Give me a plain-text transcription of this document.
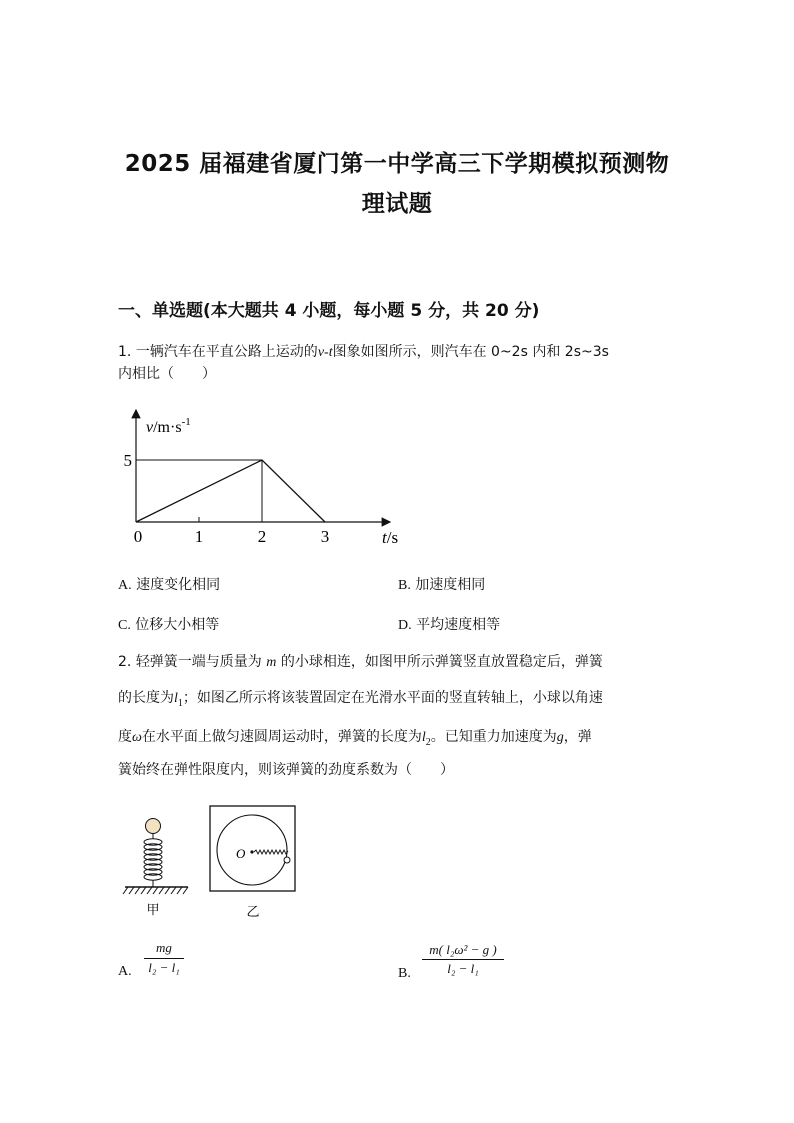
2025 届福建省厦门第一中学高三下学期模拟预测物
理试题
一、单选题(本大题共 4 小题，每小题 5 分，共 20 分)
1. 一辆汽车在平直公路上运动的v-t图象如图所示，则汽车在 0~2s 内和 2s~3s
内相比（　　）
0	1	2	3
5
t/s
$v/m\cdot s^{-1}$
A. 速度变化相同	B. 加速度相同
C. 位移大小相等	D. 平均速度相等
2. 轻弹簧一端与质量为 m 的小球相连，如图甲所示弹簧竖直放置稳定后，弹簧
的长度为$l_1$；如图乙所示将该装置固定在光滑水平面的竖直转轴上，小球以角速
度ω在水平面上做匀速圆周运动时，弹簧的长度为$l_2$。已知重力加速度为g，弹
簧始终在弹性限度内，则该弹簧的劲度系数为（　　）
甲
O
乙
A.
mg
l₂ − l₁	B.
m( l₂ω² − g )
l₂ − l₁
